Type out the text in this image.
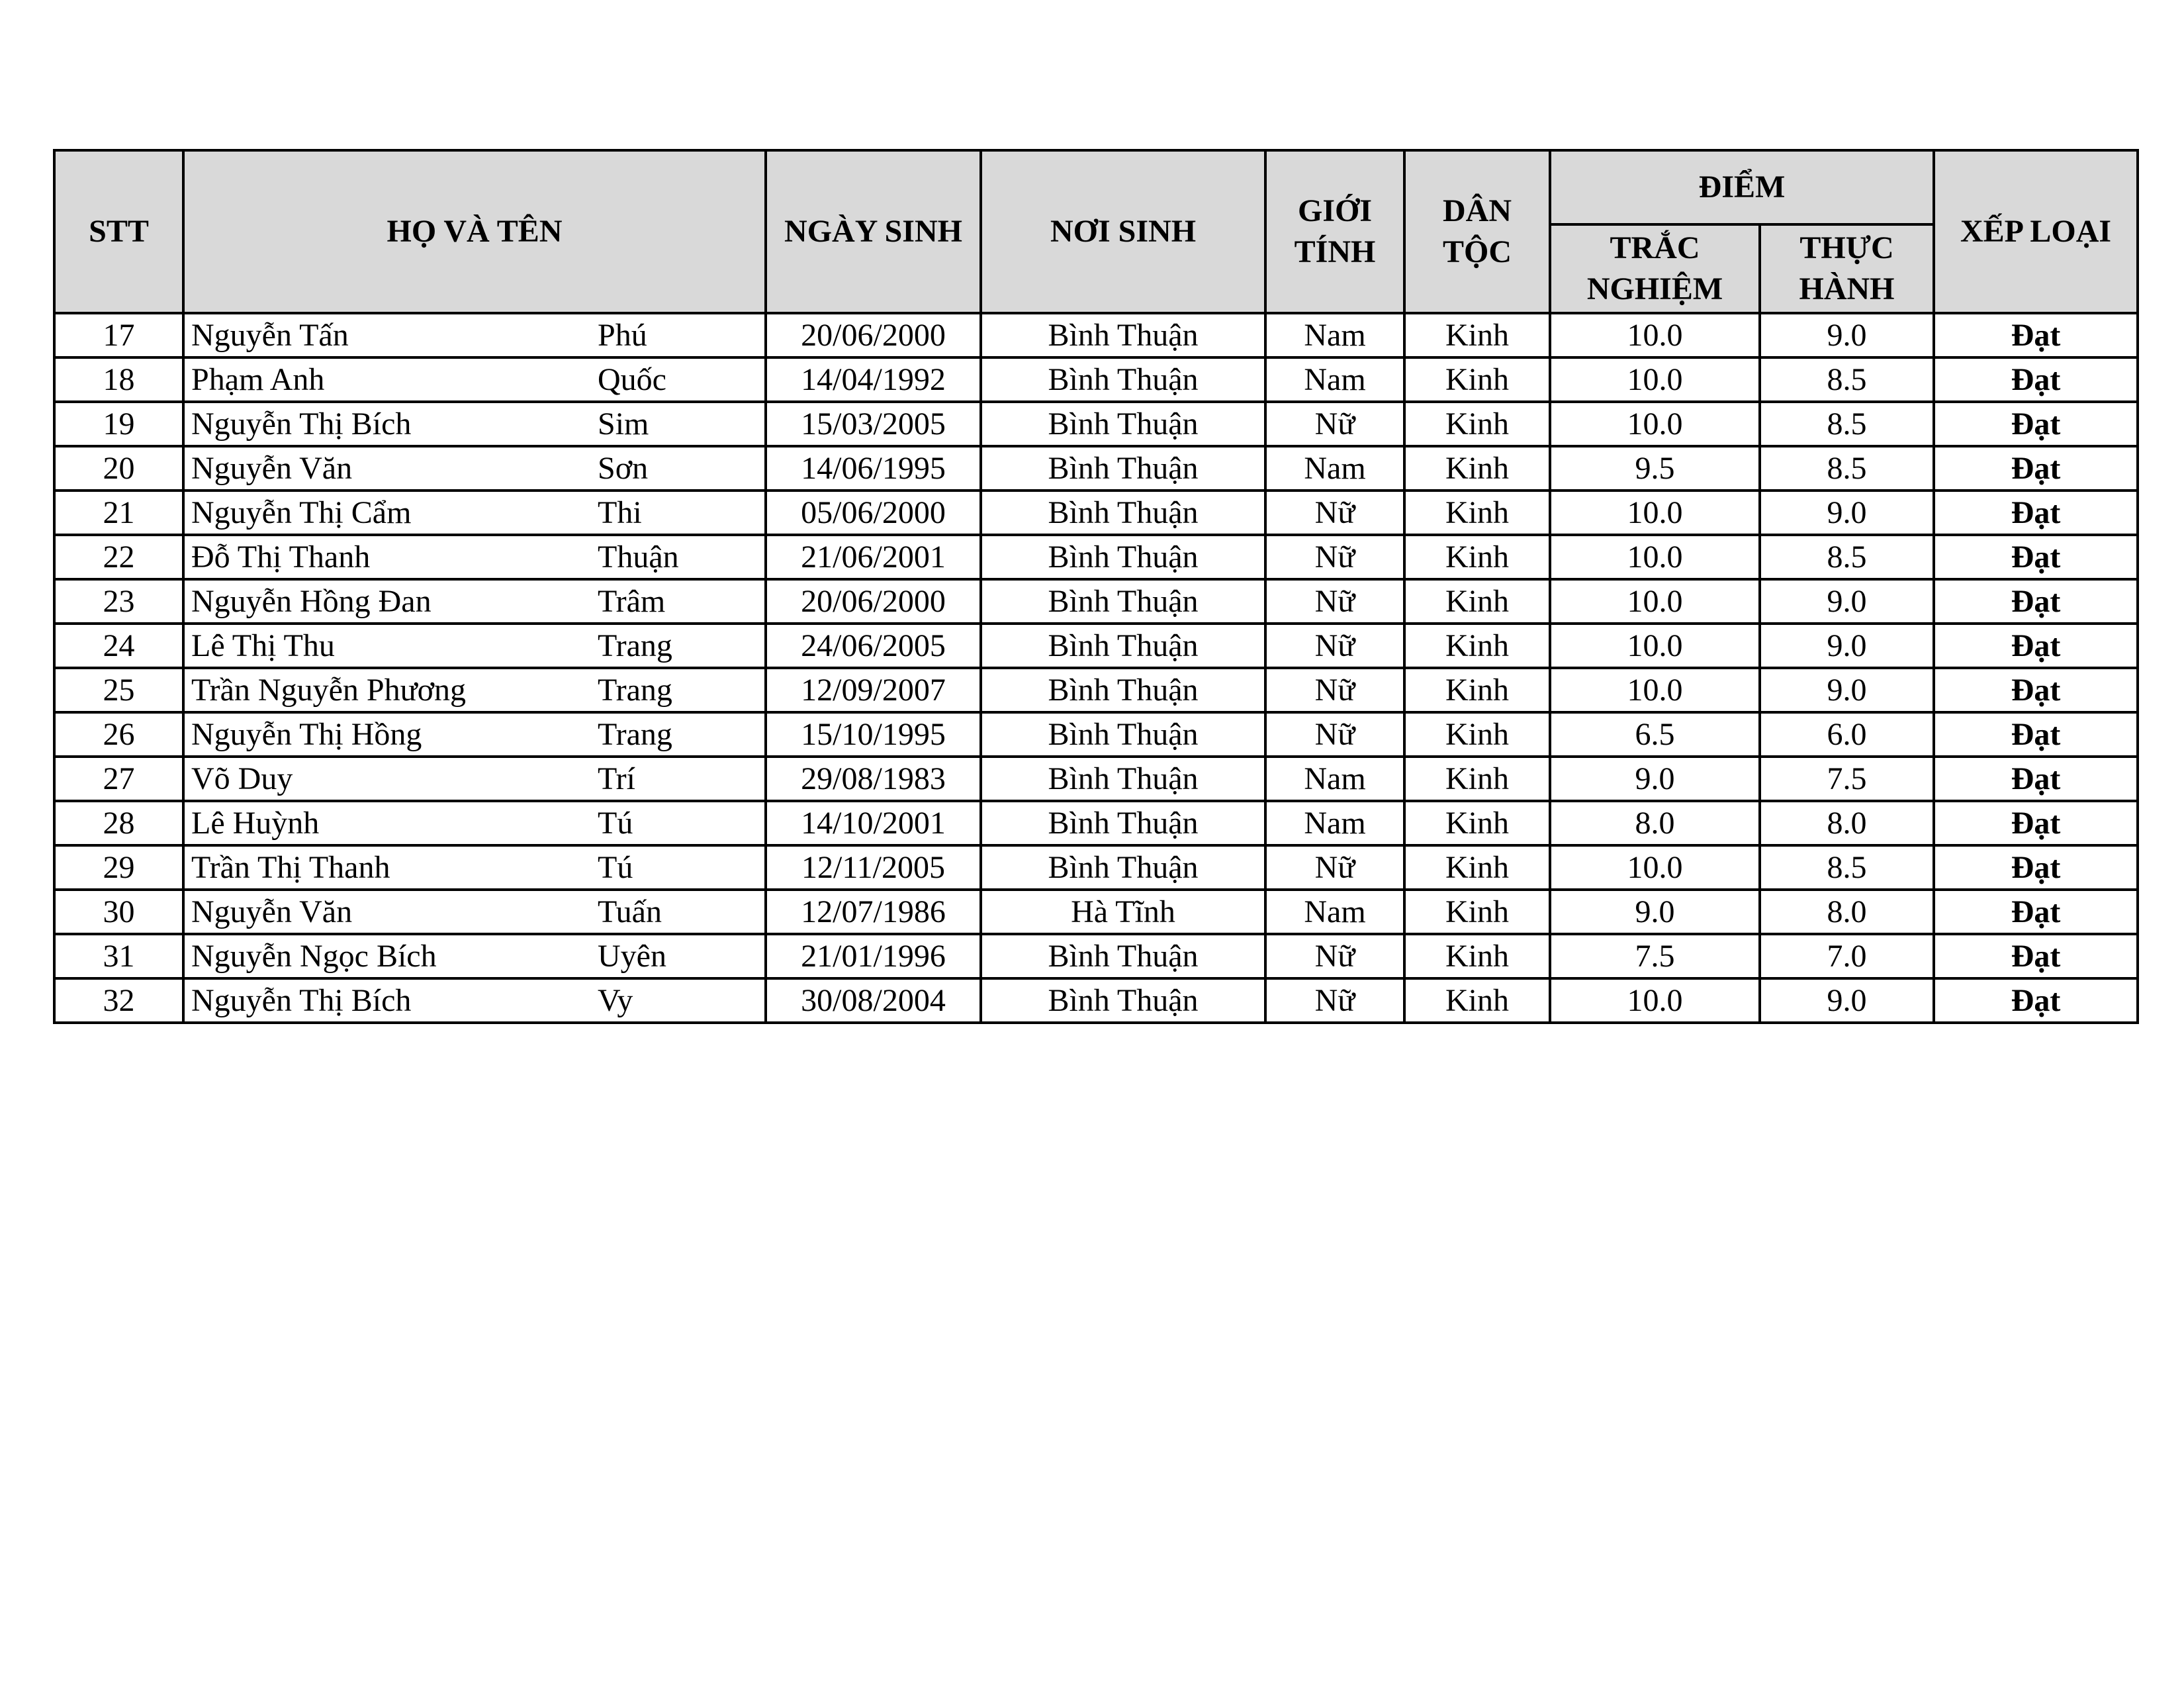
STT	HỌ VÀ TÊN	NGÀY SINH	NƠI SINH	GIỚI TÍNH	DÂN TỘC	ĐIỂM		XẾP LOẠI
						TRẮC NGHIỆM	THỰC HÀNH	
17	Nguyễn Tấn Phú	20/06/2000	Bình Thuận	Nam	Kinh	10.0	9.0	Đạt
18	Phạm Anh Quốc	14/04/1992	Bình Thuận	Nam	Kinh	10.0	8.5	Đạt
19	Nguyễn Thị Bích Sim	15/03/2005	Bình Thuận	Nữ	Kinh	10.0	8.5	Đạt
20	Nguyễn Văn Sơn	14/06/1995	Bình Thuận	Nam	Kinh	9.5	8.5	Đạt
21	Nguyễn Thị Cẩm Thi	05/06/2000	Bình Thuận	Nữ	Kinh	10.0	9.0	Đạt
22	Đỗ Thị Thanh Thuận	21/06/2001	Bình Thuận	Nữ	Kinh	10.0	8.5	Đạt
23	Nguyễn Hồng Đan Trâm	20/06/2000	Bình Thuận	Nữ	Kinh	10.0	9.0	Đạt
24	Lê Thị Thu Trang	24/06/2005	Bình Thuận	Nữ	Kinh	10.0	9.0	Đạt
25	Trần Nguyễn Phương Trang	12/09/2007	Bình Thuận	Nữ	Kinh	10.0	9.0	Đạt
26	Nguyễn Thị Hồng Trang	15/10/1995	Bình Thuận	Nữ	Kinh	6.5	6.0	Đạt
27	Võ Duy Trí	29/08/1983	Bình Thuận	Nam	Kinh	9.0	7.5	Đạt
28	Lê Huỳnh Tú	14/10/2001	Bình Thuận	Nam	Kinh	8.0	8.0	Đạt
29	Trần Thị Thanh Tú	12/11/2005	Bình Thuận	Nữ	Kinh	10.0	8.5	Đạt
30	Nguyễn Văn Tuấn	12/07/1986	Hà Tĩnh	Nam	Kinh	9.0	8.0	Đạt
31	Nguyễn Ngọc Bích Uyên	21/01/1996	Bình Thuận	Nữ	Kinh	7.5	7.0	Đạt
32	Nguyễn Thị Bích Vy	30/08/2004	Bình Thuận	Nữ	Kinh	10.0	9.0	Đạt
